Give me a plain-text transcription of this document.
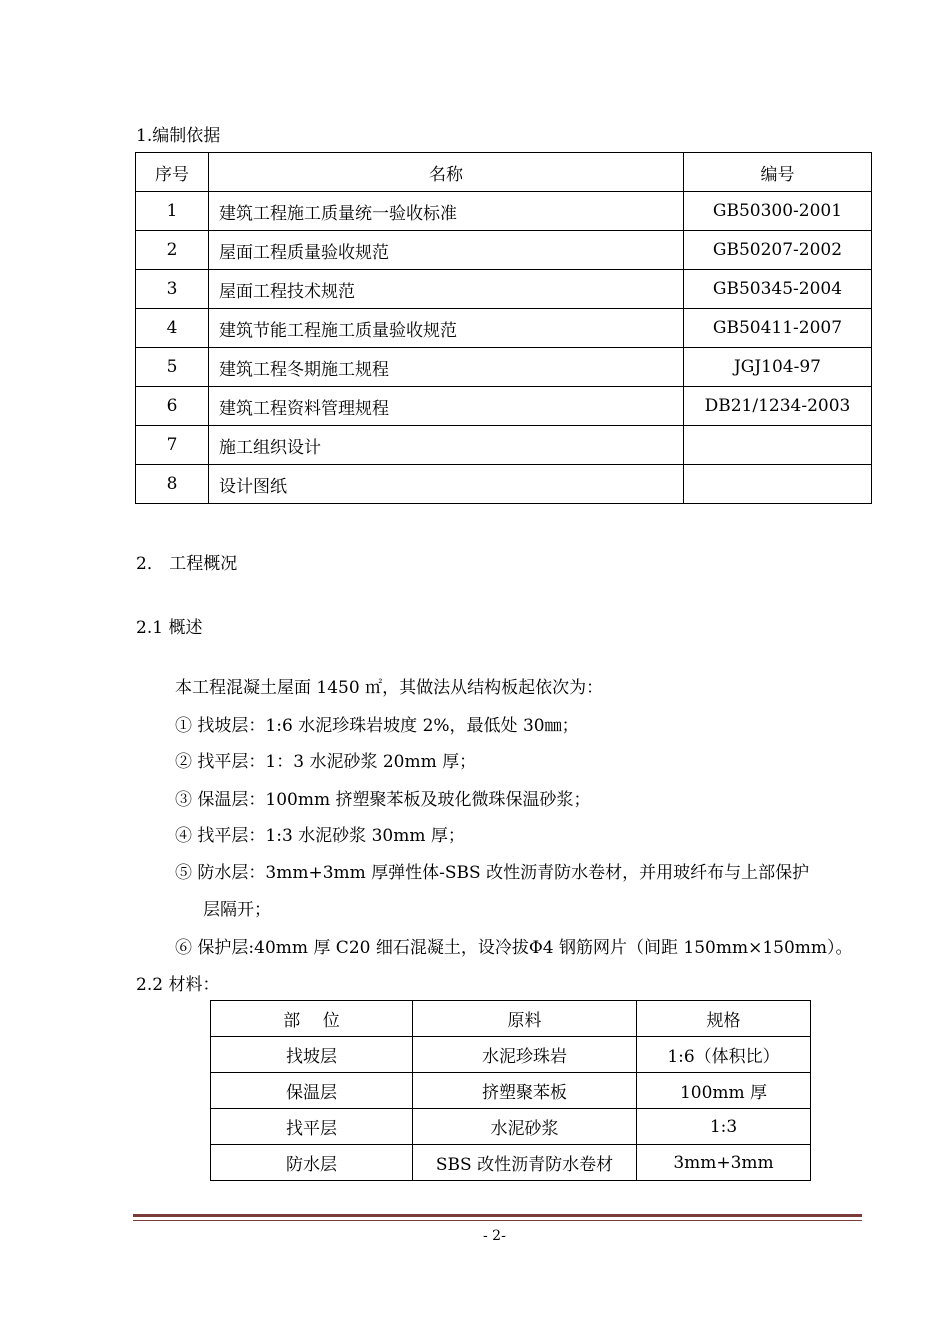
1.编制依据
序号	名称	编号
1	建筑工程施工质量统一验收标准	GB50300-2001
2	屋面工程质量验收规范	GB50207-2002
3	屋面工程技术规范	GB50345-2004
4	建筑节能工程施工质量验收规范	GB50411-2007
5	建筑工程冬期施工规程	JGJ104-97
6	建筑工程资料管理规程	DB21/1234-2003
7	施工组织设计	
8	设计图纸	
2． 工程概况
2.1 概述
本工程混凝土屋面 1450 ㎡，其做法从结构板起依次为：
① 找坡层：1:6 水泥珍珠岩坡度 2%，最低处 30㎜；
② 找平层：1：3 水泥砂浆 20mm 厚；
③ 保温层：100mm 挤塑聚苯板及玻化微珠保温砂浆；
④ 找平层：1:3 水泥砂浆 30mm 厚；
⑤ 防水层：3mm+3mm 厚弹性体-SBS 改性沥青防水卷材，并用玻纤布与上部保护
层隔开；
⑥ 保护层:40mm 厚 C20 细石混凝土，设冷拔Φ4 钢筋网片（间距 150mm×150mm）。
2.2 材料：
部　 位	原料	规格
找坡层	水泥珍珠岩	1:6（体积比）
保温层	挤塑聚苯板	100mm 厚
找平层	水泥砂浆	1:3
防水层	SBS 改性沥青防水卷材	3mm+3mm
- 2-
